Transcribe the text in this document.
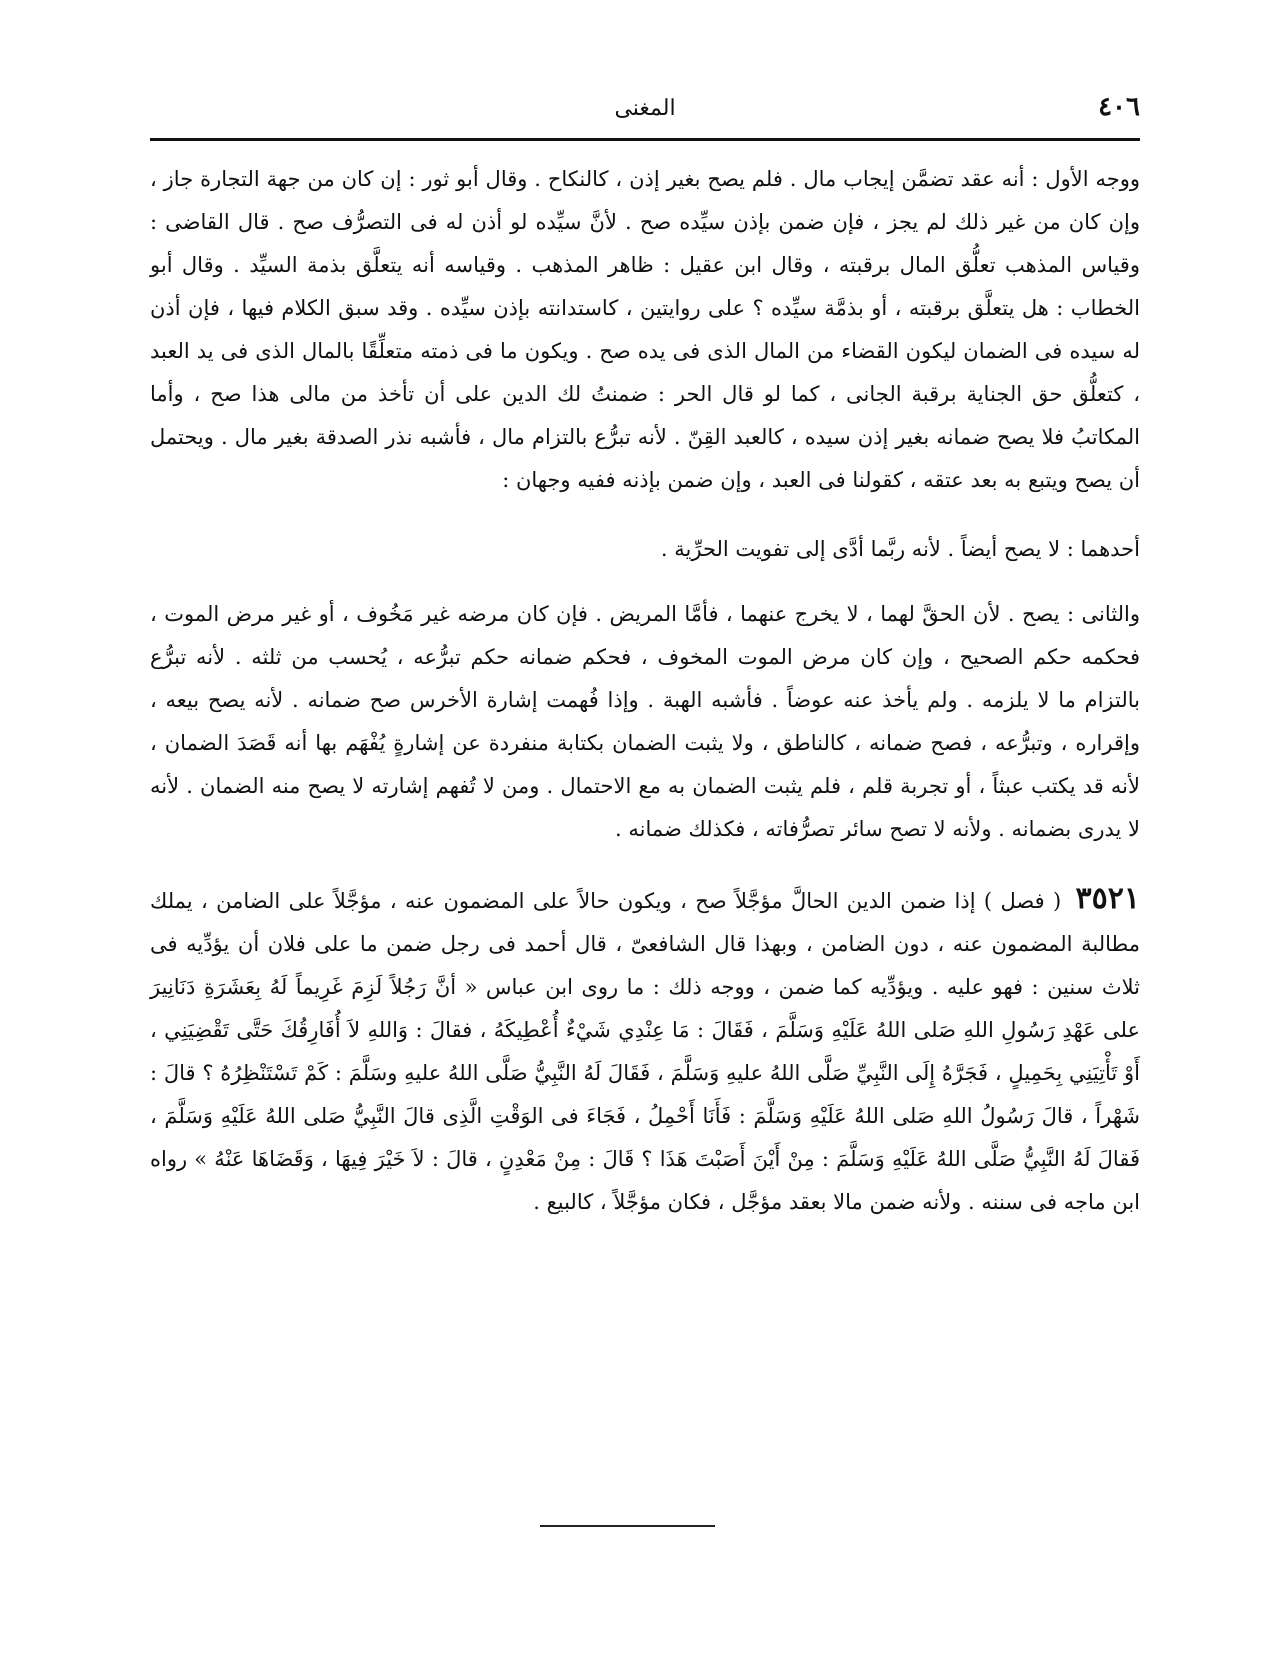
٤٠٦
المغنى

ووجه الأول : أنه عقد تضمَّن إيجاب مال . فلم يصح بغير إذن ، كالنكاح . وقال أبو ثور : إن كان من جهة التجارة جاز ، وإن كان من غير ذلك لم يجز ، فإن ضمن بإذن سيِّده صح . لأنَّ سيِّده لو أذن له فى التصرُّف صح . قال القاضى : وقياس المذهب تعلُّق المال برقبته ، وقال ابن عقيل : ظاهر المذهب . وقياسه أنه يتعلَّق بذمة السيِّد . وقال أبو الخطاب : هل يتعلَّق برقبته ، أو بذمَّة سيِّده ؟ على روايتين ، كاستدانته بإذن سيِّده . وقد سبق الكلام فيها ، فإن أذن له سيده فى الضمان ليكون القضاء من المال الذى فى يده صح . ويكون ما فى ذمته متعلِّقًا بالمال الذى فى يد العبد ، كتعلُّق حق الجناية برقبة الجانى ، كما لو قال الحر : ضمنتُ لك الدين على أن تأخذ من مالى هذا صح ، وأما المكاتبُ فلا يصح ضمانه بغير إذن سيده ، كالعبد القِنّ . لأنه تبرُّع بالتزام مال ، فأشبه نذر الصدقة بغير مال . ويحتمل أن يصح ويتبع به بعد عتقه ، كقولنا فى العبد ، وإن ضمن بإذنه ففيه وجهان :

أحدهما : لا يصح أيضاً . لأنه ربَّما أدَّى إلى تفويت الحرِّية .

والثانى : يصح . لأن الحقَّ لهما ، لا يخرج عنهما ، فأمَّا المريض . فإن كان مرضه غير مَخُوف ، أو غير مرض الموت ، فحكمه حكم الصحيح ، وإن كان مرض الموت المخوف ، فحكم ضمانه حكم تبرُّعه ، يُحسب من ثلثه . لأنه تبرُّع بالتزام ما لا يلزمه . ولم يأخذ عنه عوضاً . فأشبه الهبة . وإذا فُهمت إشارة الأخرس صح ضمانه . لأنه يصح بيعه ، وإقراره ، وتبرُّعه ، فصح ضمانه ، كالناطق ، ولا يثبت الضمان بكتابة منفردة عن إشارةٍ يُفْهَم بها أنه قَصَدَ الضمان ، لأنه قد يكتب عبثاً ، أو تجربة قلم ، فلم يثبت الضمان به مع الاحتمال . ومن لا تُفهم إشارته لا يصح منه الضمان . لأنه لا يدرى بضمانه . ولأنه لا تصح سائر تصرُّفاته ، فكذلك ضمانه .

٣٥٢١ ( فصل ) إذا ضمن الدين الحالَّ مؤجَّلاً صح ، ويكون حالاً على المضمون عنه ، مؤجَّلاً على الضامن ، يملك مطالبة المضمون عنه ، دون الضامن ، وبهذا قال الشافعىّ ، قال أحمد فى رجل ضمن ما على فلان أن يؤدِّيه فى ثلاث سنين : فهو عليه . ويؤدِّيه كما ضمن ، ووجه ذلك : ما روى ابن عباس « أنَّ رَجُلاً لَزِمَ غَرِيماً لَهُ بِعَشَرَةِ دَنَانِيرَ على عَهْدِ رَسُولِ اللهِ صَلى اللهُ عَلَيْهِ وَسَلَّمَ ، فَقَالَ : مَا عِنْدِي شَيْءٌ أُعْطِيكَهُ ، فقالَ : وَاللهِ لاَ أُفَارِقُكَ حَتَّى تَقْضِيَنِي ، أَوْ تَأْتِيَنِي بِحَمِيلٍ ، فَجَرَّهُ إِلَى النَّبِيِّ صَلَّى اللهُ عليهِ وَسَلَّمَ ، فَقَالَ لَهُ النَّبِيُّ صَلَّى اللهُ عليهِ وسَلَّمَ : كَمْ تَسْتَنْظِرُهُ ؟ قالَ : شَهْراً ، قالَ رَسُولُ اللهِ صَلى اللهُ عَلَيْهِ وَسَلَّمَ : فَأَنَا أَحْمِلُ ، فَجَاءَ فى الوَقْتِ الَّذِى قالَ النَّبِيُّ صَلى اللهُ عَلَيْهِ وَسَلَّمَ ، فَقالَ لَهُ النَّبِيُّ صَلَّى اللهُ عَلَيْهِ وَسَلَّمَ : مِنْ أَيْنَ أَصَبْتَ هَذَا ؟ قَالَ : مِنْ مَعْدِنٍ ، قالَ : لاَ خَيْرَ فِيهَا ، وَقَضَاهَا عَنْهُ » رواه ابن ماجه فى سننه . ولأنه ضمن مالا بعقد مؤجَّل ، فكان مؤجَّلاً ، كالبيع .
